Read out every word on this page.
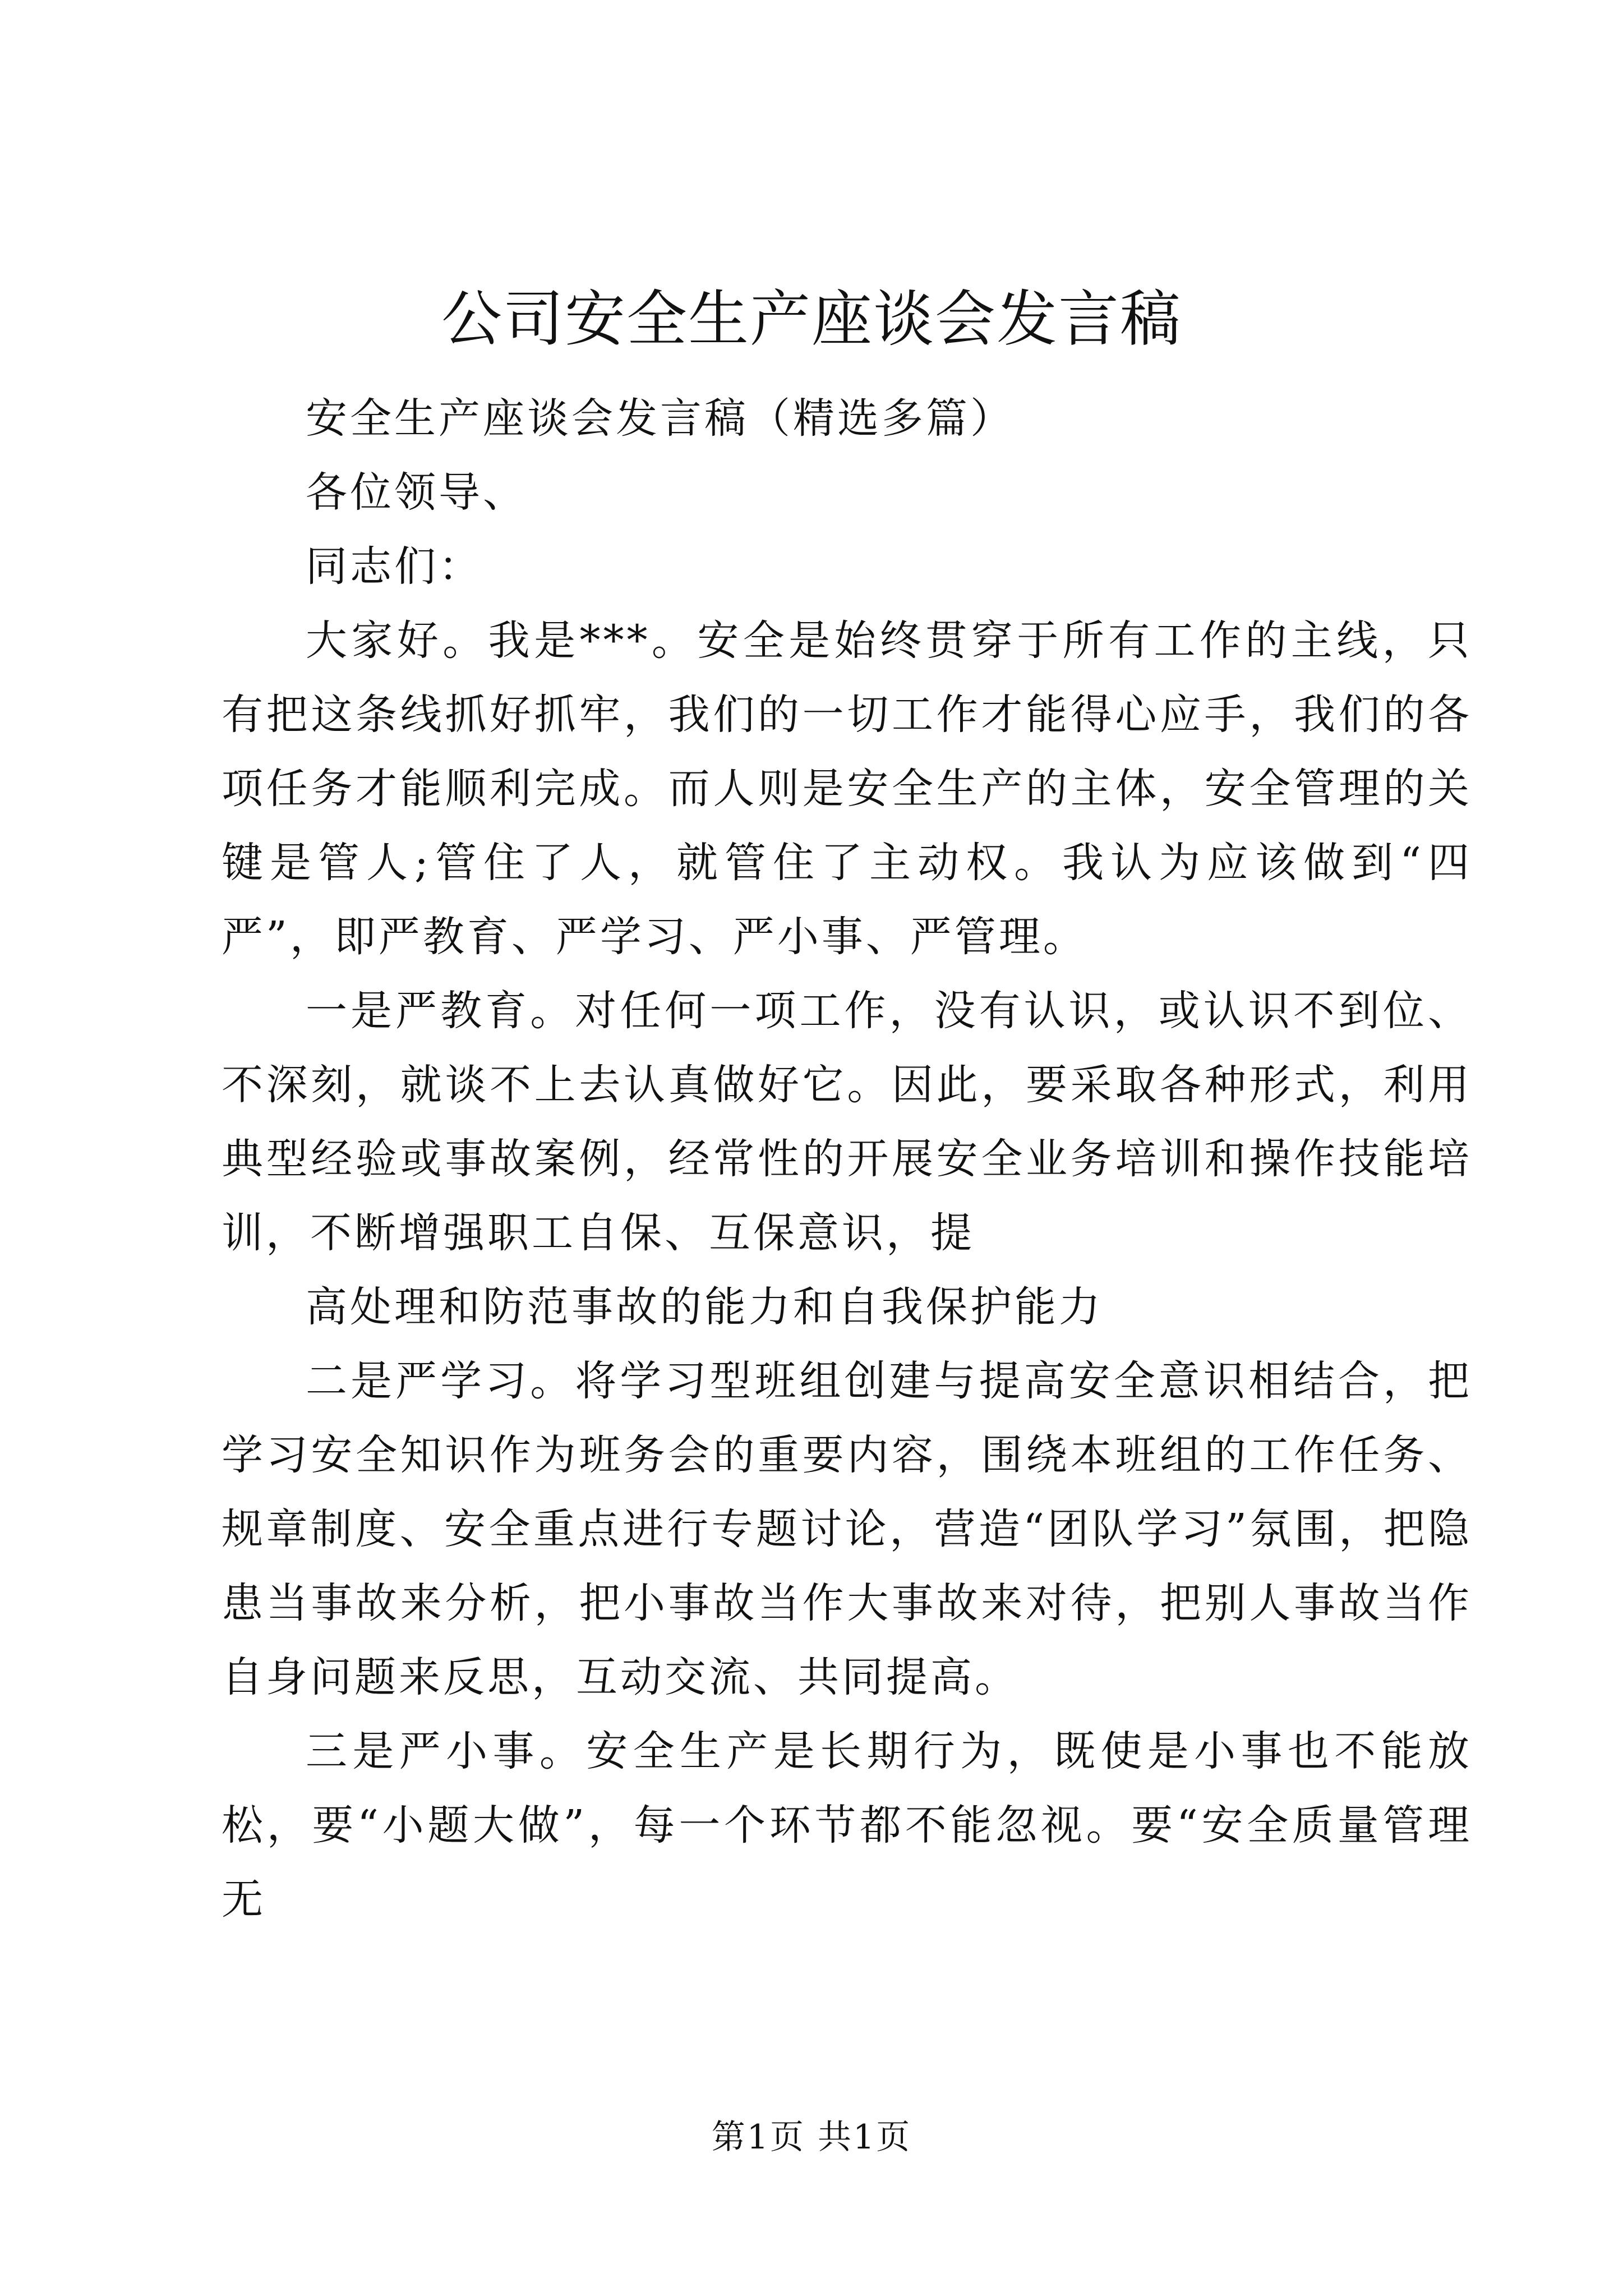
公司安全生产座谈会发言稿

安全生产座谈会发言稿（精选多篇）

各位领导、

同志们：

大家好。我是***。安全是始终贯穿于所有工作的主线，只有把这条线抓好抓牢，我们的一切工作才能得心应手，我们的各项任务才能顺利完成。而人则是安全生产的主体，安全管理的关键是管人;管住了人，就管住了主动权。我认为应该做到“四严”，即严教育、严学习、严小事、严管理。

一是严教育。对任何一项工作，没有认识，或认识不到位、不深刻，就谈不上去认真做好它。因此，要采取各种形式，利用典型经验或事故案例，经常性的开展安全业务培训和操作技能培训，不断增强职工自保、互保意识，提

高处理和防范事故的能力和自我保护能力

二是严学习。将学习型班组创建与提高安全意识相结合，把学习安全知识作为班务会的重要内容，围绕本班组的工作任务、规章制度、安全重点进行专题讨论，营造“团队学习”氛围，把隐患当事故来分析，把小事故当作大事故来对待，把别人事故当作自身问题来反思，互动交流、共同提高。

三是严小事。安全生产是长期行为，既使是小事也不能放松，要“小题大做”，每一个环节都不能忽视。要“安全质量管理无

第1页 共1页
